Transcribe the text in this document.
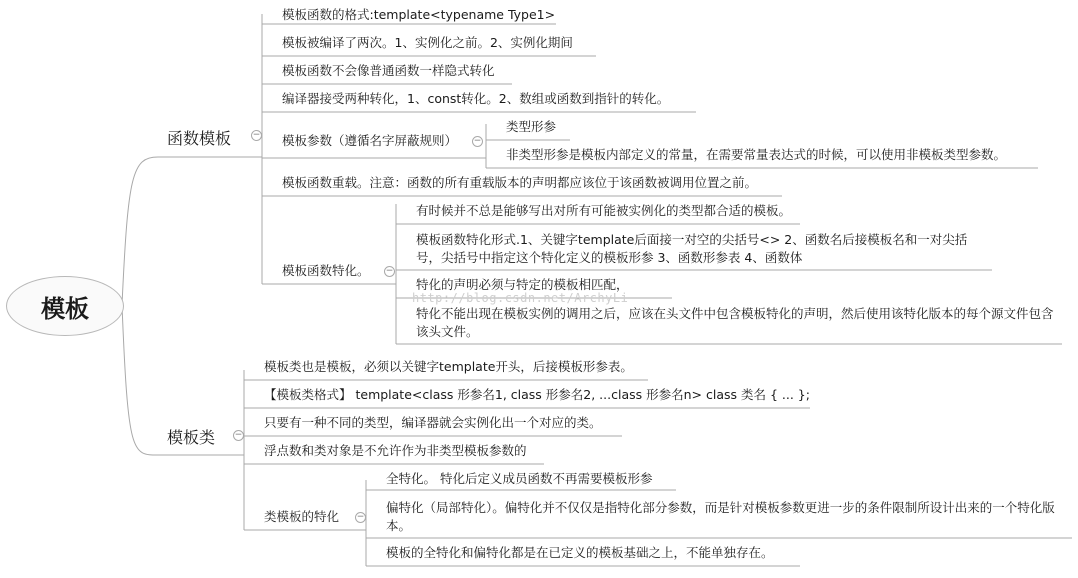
模板
函数模板 −
模板函数的格式:template<typename Type1>
模板被编译了两次。1、实例化之前。2、实例化期间
模板函数不会像普通函数一样隐式转化
编译器接受两种转化，1、const转化。2、数组或函数到指针的转化。
模板参数（遵循名字屏蔽规则） −
类型形参
非类型形参是模板内部定义的常量，在需要常量表达式的时候，可以使用非模板类型参数。
模板函数重载。注意：函数的所有重载版本的声明都应该位于该函数被调用位置之前。
模板函数特化。 −
有时候并不总是能够写出对所有可能被实例化的类型都合适的模板。
模板函数特化形式.1、关键字template后面接一对空的尖括号<> 2、函数名后接模板名和一对尖括号，尖括号中指定这个特化定义的模板形参 3、函数形参表 4、函数体
特化的声明必须与特定的模板相匹配，
特化不能出现在模板实例的调用之后，应该在头文件中包含模板特化的声明，然后使用该特化版本的每个源文件包含该头文件。
模板类 −
模板类也是模板，必须以关键字template开头，后接模板形参表。
【模板类格式】 template<class 形参名1, class 形参名2, ...class 形参名n> class 类名 { ... };
只要有一种不同的类型，编译器就会实例化出一个对应的类。
浮点数和类对象是不允许作为非类型模板参数的
类模板的特化 −
全特化。 特化后定义成员函数不再需要模板形参
偏特化（局部特化）。偏特化并不仅仅是指特化部分参数，而是针对模板参数更进一步的条件限制所设计出来的一个特化版本。
模板的全特化和偏特化都是在已定义的模板基础之上，不能单独存在。
http://blog.csdn.net/ArchyLi
